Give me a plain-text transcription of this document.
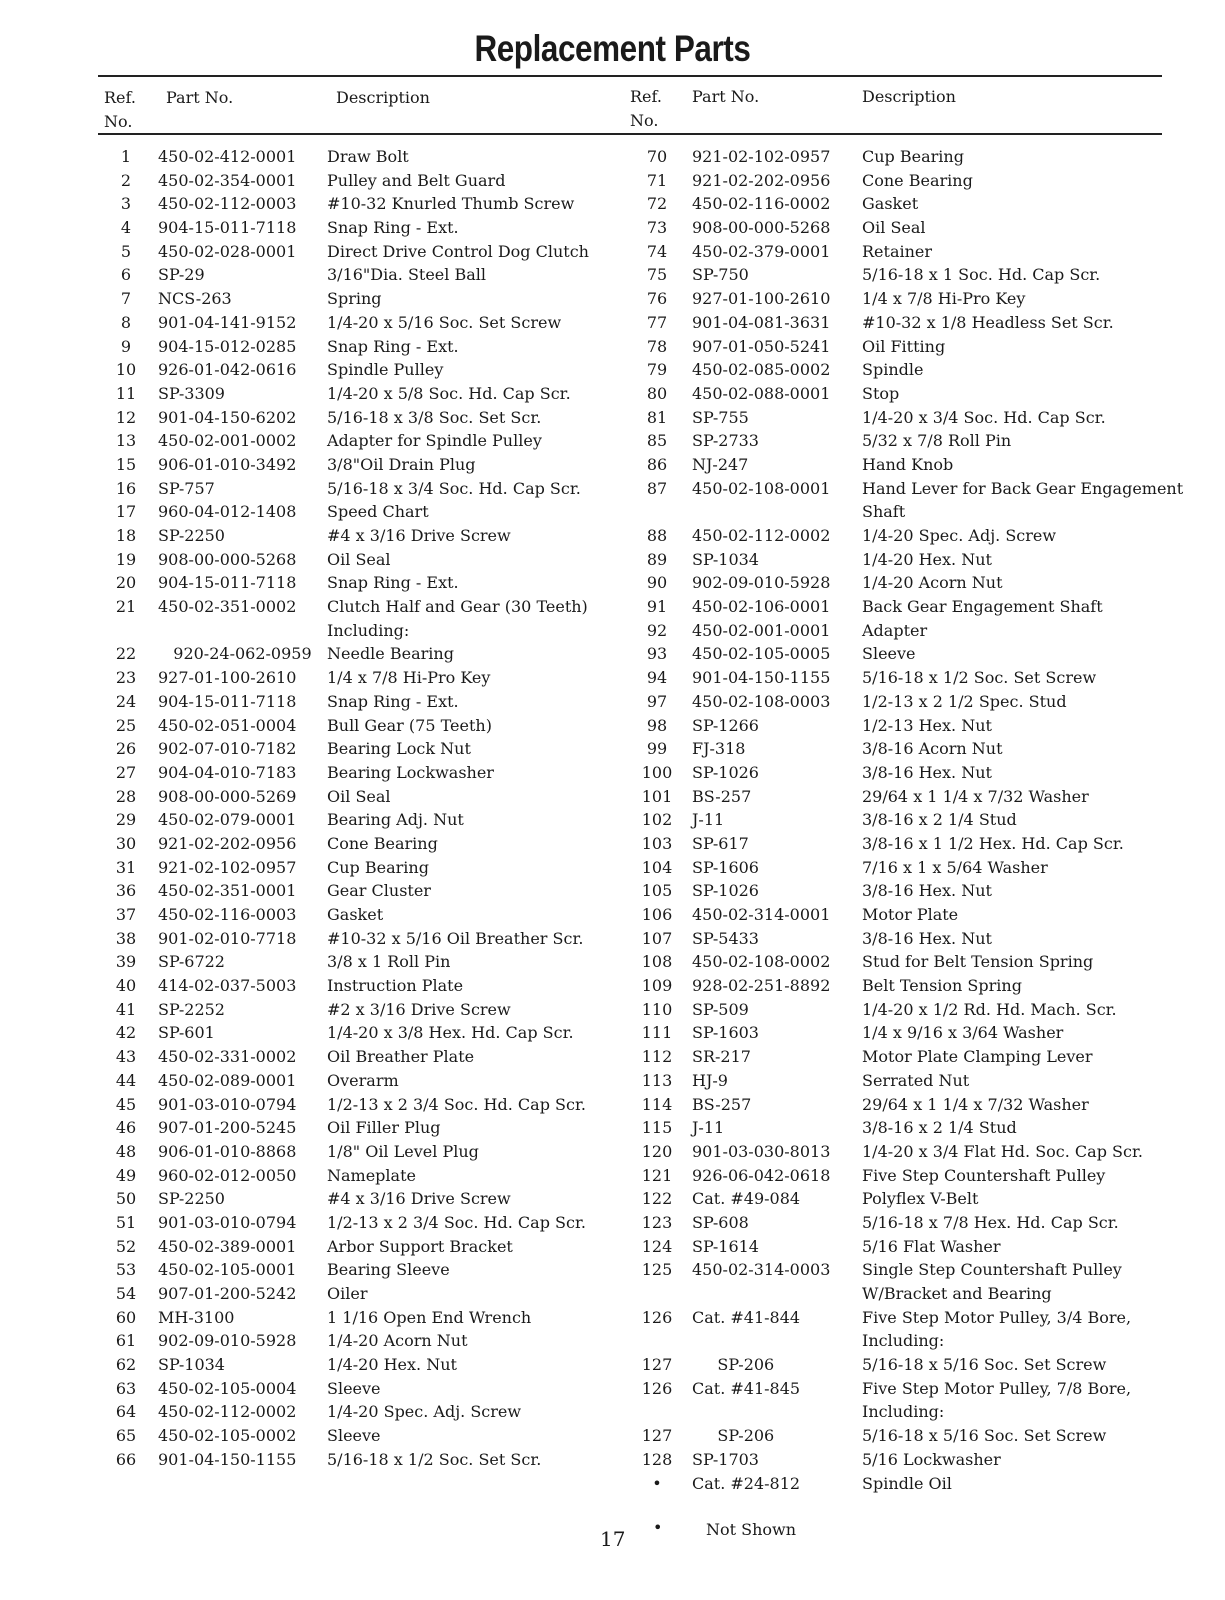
Replacement Parts
Ref.
No.
Part No.	Description	Ref.
No.
Part No.	Description
1	450-02-412-0001 Draw Bolt
2	450-02-354-0001 Pulley and Belt Guard
3	450-02-112-0003 #10-32 Knurled Thumb Screw
4	904-15-011-7118 Snap Ring - Ext.
5	450-02-028-0001 Direct Drive Control Dog Clutch
6	SP-29	3/16"Dia. Steel Ball
7	NCS-263	Spring
8	901-04-141-9152 1/4-20 x 5/16 Soc. Set Screw
9	904-15-012-0285 Snap Ring - Ext.
10	926-01-042-0616 Spindle Pulley
11	SP-3309	1/4-20 x 5/8 Soc. Hd. Cap Scr.
12	901-04-150-6202 5/16-18 x 3/8 Soc. Set Scr.
13	450-02-001-0002 Adapter for Spindle Pulley
15	906-01-010-3492 3/8"Oil Drain Plug
16	SP-757	5/16-18 x 3/4 Soc. Hd. Cap Scr.
17	960-04-012-1408 Speed Chart
18	SP-2250	#4 x 3/16 Drive Screw
19	908-00-000-5268 Oil Seal
20	904-15-011-7118 Snap Ring - Ext.
21	450-02-351-0002 Clutch Half and Gear (30 Teeth)
Including:
22	920-24-062-0959 Needle Bearing
23	927-01-100-2610 1/4 x 7/8 Hi-Pro Key
24	904-15-011-7118 Snap Ring - Ext.
25	450-02-051-0004 Bull Gear (75 Teeth)
26	902-07-010-7182 Bearing Lock Nut
27	904-04-010-7183 Bearing Lockwasher
28	908-00-000-5269 Oil Seal
29	450-02-079-0001 Bearing Adj. Nut
30	921-02-202-0956 Cone Bearing
31	921-02-102-0957 Cup Bearing
36	450-02-351-0001 Gear Cluster
37	450-02-116-0003 Gasket
38	901-02-010-7718 #10-32 x 5/16 Oil Breather Scr.
39	SP-6722	3/8 x 1 Roll Pin
40	414-02-037-5003 Instruction Plate
41	SP-2252	#2 x 3/16 Drive Screw
42	SP-601	1/4-20 x 3/8 Hex. Hd. Cap Scr.
43	450-02-331-0002 Oil Breather Plate
44	450-02-089-0001 Overarm
45	901-03-010-0794 1/2-13 x 2 3/4 Soc. Hd. Cap Scr.
46	907-01-200-5245 Oil Filler Plug
48	906-01-010-8868 1/8" Oil Level Plug
49	960-02-012-0050 Nameplate
50	SP-2250	#4 x 3/16 Drive Screw
51	901-03-010-0794 1/2-13 x 2 3/4 Soc. Hd. Cap Scr.
52	450-02-389-0001 Arbor Support Bracket
53	450-02-105-0001 Bearing Sleeve
54	907-01-200-5242 Oiler
60	MH-3100	1 1/16 Open End Wrench
61	902-09-010-5928 1/4-20 Acorn Nut
62	SP-1034	1/4-20 Hex. Nut
63	450-02-105-0004 Sleeve
64	450-02-112-0002 1/4-20 Spec. Adj. Screw
65	450-02-105-0002 Sleeve
66	901-04-150-1155 5/16-18 x 1/2 Soc. Set Scr.
70	921-02-102-0957 Cup Bearing
71	921-02-202-0956 Cone Bearing
72	450-02-116-0002 Gasket
73	908-00-000-5268 Oil Seal
74	450-02-379-0001 Retainer
75	SP-750	5/16-18 x 1 Soc. Hd. Cap Scr.
76	927-01-100-2610 1/4 x 7/8 Hi-Pro Key
77	901-04-081-3631 #10-32 x 1/8 Headless Set Scr.
78	907-01-050-5241 Oil Fitting
79	450-02-085-0002 Spindle
80	450-02-088-0001 Stop
81	SP-755	1/4-20 x 3/4 Soc. Hd. Cap Scr.
85	SP-2733	5/32 x 7/8 Roll Pin
86	NJ-247	Hand Knob
87	450-02-108-0001 Hand Lever for Back Gear Engagement
Shaft
88	450-02-112-0002 1/4-20 Spec. Adj. Screw
89	SP-1034	1/4-20 Hex. Nut
90	902-09-010-5928 1/4-20 Acorn Nut
91	450-02-106-0001 Back Gear Engagement Shaft
92	450-02-001-0001 Adapter
93	450-02-105-0005 Sleeve
94	901-04-150-1155 5/16-18 x 1/2 Soc. Set Screw
97	450-02-108-0003 1/2-13 x 2 1/2 Spec. Stud
98	SP-1266	1/2-13 Hex. Nut
99	FJ-318	3/8-16 Acorn Nut
100	SP-1026	3/8-16 Hex. Nut
101	BS-257	29/64 x 1 1/4 x 7/32 Washer
102	J-11	3/8-16 x 2 1/4 Stud
103	SP-617	3/8-16 x 1 1/2 Hex. Hd. Cap Scr.
104	SP-1606	7/16 x 1 x 5/64 Washer
105	SP-1026	3/8-16 Hex. Nut
106	450-02-314-0001 Motor Plate
107	SP-5433	3/8-16 Hex. Nut
108	450-02-108-0002 Stud for Belt Tension Spring
109	928-02-251-8892 Belt Tension Spring
110	SP-509	1/4-20 x 1/2 Rd. Hd. Mach. Scr.
111	SP-1603	1/4 x 9/16 x 3/64 Washer
112	SR-217	Motor Plate Clamping Lever
113	HJ-9	Serrated Nut
114	BS-257	29/64 x 1 1/4 x 7/32 Washer
115	J-11	3/8-16 x 2 1/4 Stud
120	901-03-030-8013 1/4-20 x 3/4 Flat Hd. Soc. Cap Scr.
121	926-06-042-0618 Five Step Countershaft Pulley
122	Cat. #49-084	Polyflex V-Belt
123	SP-608	5/16-18 x 7/8 Hex. Hd. Cap Scr.
124	SP-1614	5/16 Flat Washer
125	450-02-314-0003 Single Step Countershaft Pulley
W/Bracket and Bearing
126	Cat. #41-844	Five Step Motor Pulley, 3/4 Bore,
Including:
127	SP-206	5/16-18 x 5/16 Soc. Set Screw
126	Cat. #41-845	Five Step Motor Pulley, 7/8 Bore,
Including:
127	SP-206	5/16-18 x 5/16 Soc. Set Screw
128	SP-1703	5/16 Lockwasher
•	Cat. #24-812	Spindle Oil
17 •	Not Shown
